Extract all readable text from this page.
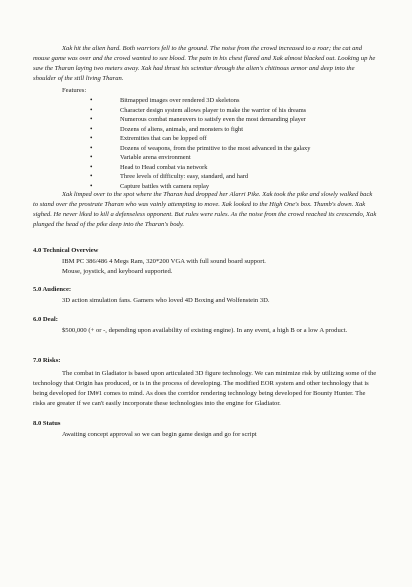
Xak hit the alien hard. Both warriors fell to the ground. The noise from the crowd increased to a roar; the cat and mouse game was over and the crowd wanted to see blood. The pain in his chest flared and Xak almost blacked out. Looking up he saw the Tharan laying two meters away. Xak had thrust his scimitar through the alien's chitinous armor and deep into the shoulder of the still living Tharan.

Features:
• Bitmapped images over rendered 3D skeletons
• Character design system allows player to make the warrior of his dreams
• Numerous combat maneuvers to satisfy even the most demanding player
• Dozens of aliens, animals, and monsters to fight
• Extremities that can be lopped off
• Dozens of weapons, from the primitive to the most advanced in the galaxy
• Variable arena environment
• Head to Head combat via network
• Three levels of difficulty: easy, standard, and hard
• Capture battles with camera replay

Xak limped over to the spot where the Tharan had dropped her Alarri Pike. Xak took the pike and slowly walked back to stand over the prostrate Tharan who was vainly attempting to move. Xak looked to the High One's box. Thumb's down. Xak sighed. He never liked to kill a defenseless opponent. But rules were rules. As the noise from the crowd reached its crescendo, Xak plunged the head of the pike deep into the Tharan's body.

4.0 Technical Overview
IBM PC 386/486 4 Megs Ram, 320*200 VGA with full sound board support.
Mouse, joystick, and keyboard supported.
5.0 Audience:
3D action simulation fans. Gamers who loved 4D Boxing and Wolfenstein 3D.
6.0 Deal:
$500,000 (+ or -, depending upon availability of existing engine). In any event, a high B or a low A product.
7.0 Risks:
The combat in Gladiator is based upon articulated 3D figure technology. We can minimize risk by utilizing some of the technology that Origin has produced, or is in the process of developing. The modified EOR system and other technology that is being developed for IM#1 comes to mind. As does the corridor rendering technology being developed for Bounty Hunter. The risks are greater if we can't easily incorporate these technologies into the engine for Gladiator.
8.0 Status
Awaiting concept approval so we can begin game design and go for script
